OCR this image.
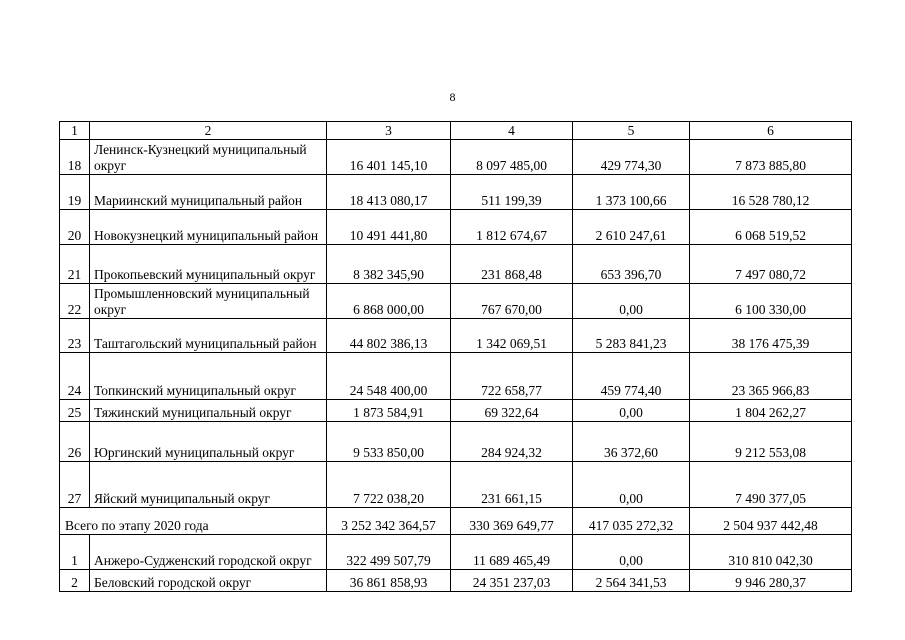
8
1	2	3	4	5	6
18	Ленинск-Кузнецкий муниципальный округ	16 401 145,10	8 097 485,00	429 774,30	7 873 885,80
19	Мариинский муниципальный район	18 413 080,17	511 199,39	1 373 100,66	16 528 780,12
20	Новокузнецкий муниципальный район	10 491 441,80	1 812 674,67	2 610 247,61	6 068 519,52
21	Прокопьевский муниципальный округ	8 382 345,90	231 868,48	653 396,70	7 497 080,72
22	Промышленновский муниципальный округ	6 868 000,00	767 670,00	0,00	6 100 330,00
23	Таштагольский муниципальный район	44 802 386,13	1 342 069,51	5 283 841,23	38 176 475,39
24	Топкинский муниципальный округ	24 548 400,00	722 658,77	459 774,40	23 365 966,83
25	Тяжинский муниципальный округ	1 873 584,91	69 322,64	0,00	1 804 262,27
26	Юргинский муниципальный округ	9 533 850,00	284 924,32	36 372,60	9 212 553,08
27	Яйский муниципальный округ	7 722 038,20	231 661,15	0,00	7 490 377,05
Всего по этапу 2020 года		3 252 342 364,57	330 369 649,77	417 035 272,32	2 504 937 442,48
1	Анжеро-Судженский городской округ	322 499 507,79	11 689 465,49	0,00	310 810 042,30
2	Беловский городской округ	36 861 858,93	24 351 237,03	2 564 341,53	9 946 280,37
